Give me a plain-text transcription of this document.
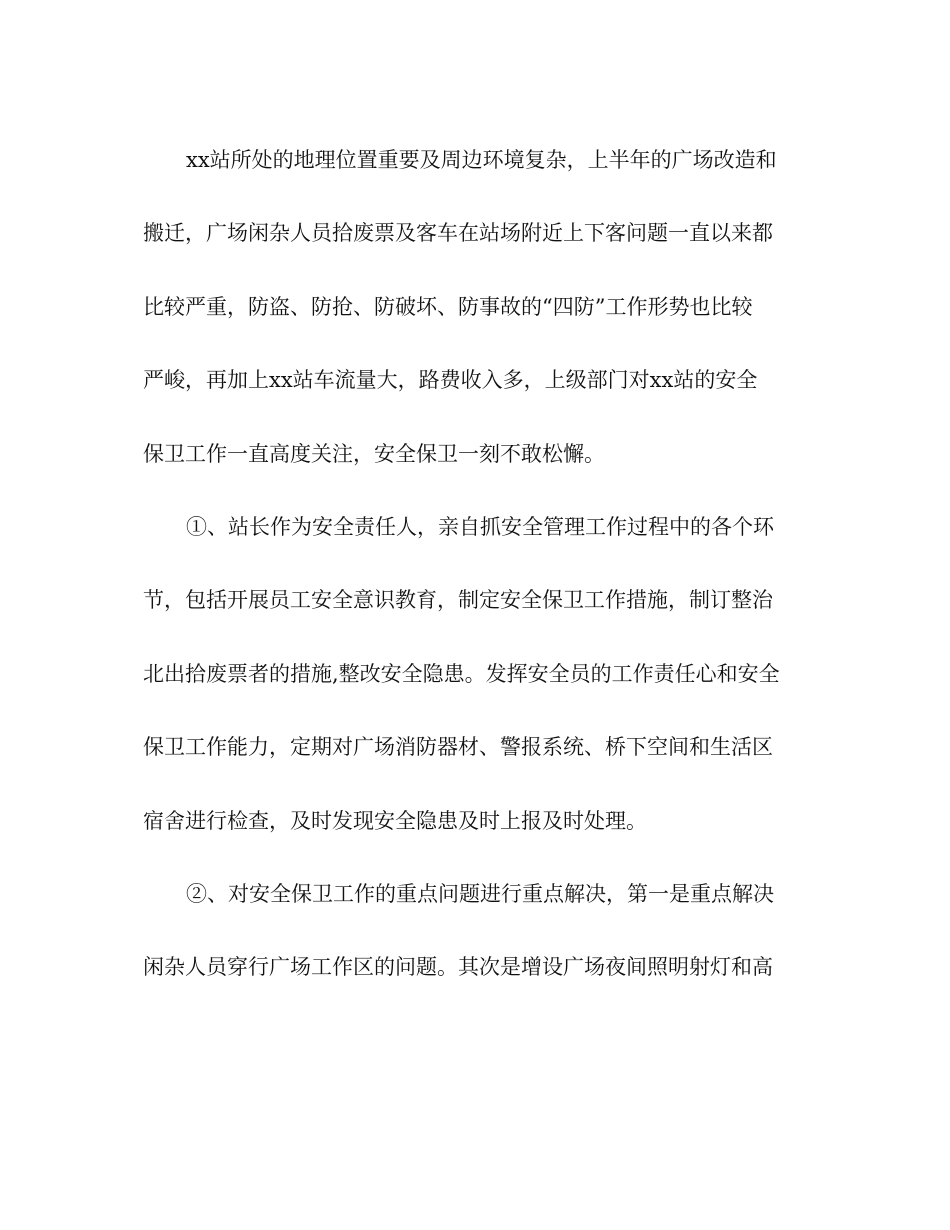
xx站所处的地理位置重要及周边环境复杂，上半年的广场改造和
搬迁，广场闲杂人员拾废票及客车在站场附近上下客问题一直以来都
比较严重，防盗、防抢、防破坏、防事故的“四防”工作形势也比较
严峻，再加上xx站车流量大，路费收入多，上级部门对xx站的安全
保卫工作一直高度关注，安全保卫一刻不敢松懈。
①、站长作为安全责任人，亲自抓安全管理工作过程中的各个环
节，包括开展员工安全意识教育，制定安全保卫工作措施，制订整治
北出拾废票者的措施,整改安全隐患。发挥安全员的工作责任心和安全
保卫工作能力，定期对广场消防器材、警报系统、桥下空间和生活区
宿舍进行检查，及时发现安全隐患及时上报及时处理。
②、对安全保卫工作的重点问题进行重点解决，第一是重点解决
闲杂人员穿行广场工作区的问题。其次是增设广场夜间照明射灯和高
